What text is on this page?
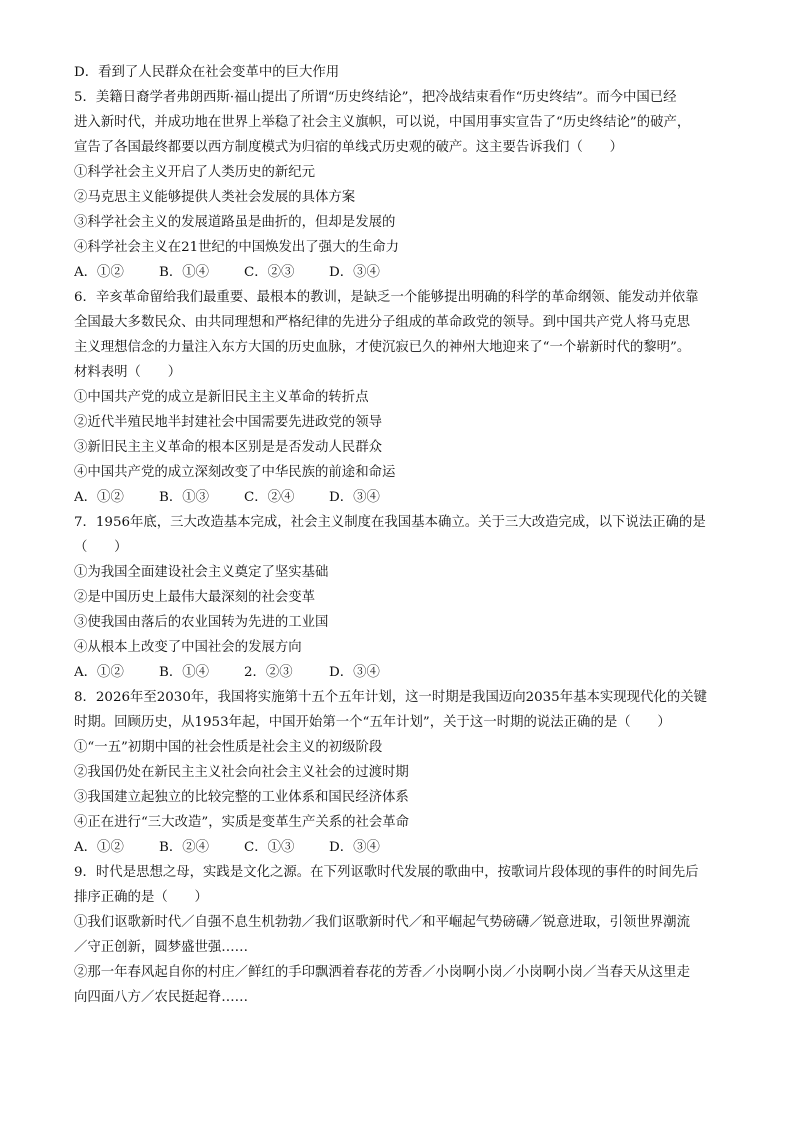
D．看到了人民群众在社会变革中的巨大作用
5．美籍日裔学者弗朗西斯·福山提出了所谓“历史终结论”，把冷战结束看作“历史终结”。而今中国已经
进入新时代，并成功地在世界上举稳了社会主义旗帜，可以说，中国用事实宣告了“历史终结论”的破产，
宣告了各国最终都要以西方制度模式为归宿的单线式历史观的破产。这主要告诉我们（　　）
①科学社会主义开启了人类历史的新纪元
②马克思主义能够提供人类社会发展的具体方案
③科学社会主义的发展道路虽是曲折的，但却是发展的
④科学社会主义在21世纪的中国焕发出了强大的生命力
A．①②	B．①④	C．②③	D．③④
6．辛亥革命留给我们最重要、最根本的教训，是缺乏一个能够提出明确的科学的革命纲领、能发动并依靠
全国最大多数民众、由共同理想和严格纪律的先进分子组成的革命政党的领导。到中国共产党人将马克思
主义理想信念的力量注入东方大国的历史血脉，才使沉寂已久的神州大地迎来了“一个崭新时代的黎明”。
材料表明（　　）
①中国共产党的成立是新旧民主主义革命的转折点
②近代半殖民地半封建社会中国需要先进政党的领导
③新旧民主主义革命的根本区别是是否发动人民群众
④中国共产党的成立深刻改变了中华民族的前途和命运
A．①②	B．①③	C．②④	D．③④
7．1956年底，三大改造基本完成，社会主义制度在我国基本确立。关于三大改造完成，以下说法正确的是
（　　）
①为我国全面建设社会主义奠定了坚实基础
②是中国历史上最伟大最深刻的社会变革
③使我国由落后的农业国转为先进的工业国
④从根本上改变了中国社会的发展方向
A．①②	B．①④	2．②③	D．③④
8．2026年至2030年，我国将实施第十五个五年计划，这一时期是我国迈向2035年基本实现现代化的关键
时期。回顾历史，从1953年起，中国开始第一个“五年计划”，关于这一时期的说法正确的是（　　）
①“一五”初期中国的社会性质是社会主义的初级阶段
②我国仍处在新民主主义社会向社会主义社会的过渡时期
③我国建立起独立的比较完整的工业体系和国民经济体系
④正在进行“三大改造”，实质是变革生产关系的社会革命
A．①②	B．②④	C．①③	D．③④
9．时代是思想之母，实践是文化之源。在下列讴歌时代发展的歌曲中，按歌词片段体现的事件的时间先后
排序正确的是（　　）
①我们讴歌新时代／自强不息生机勃勃／我们讴歌新时代／和平崛起气势磅礴／锐意进取，引领世界潮流
／守正创新，圆梦盛世强……
②那一年春风起自你的村庄／鲜红的手印飘洒着春花的芳香／小岗啊小岗／小岗啊小岗／当春天从这里走
向四面八方／农民挺起脊……
